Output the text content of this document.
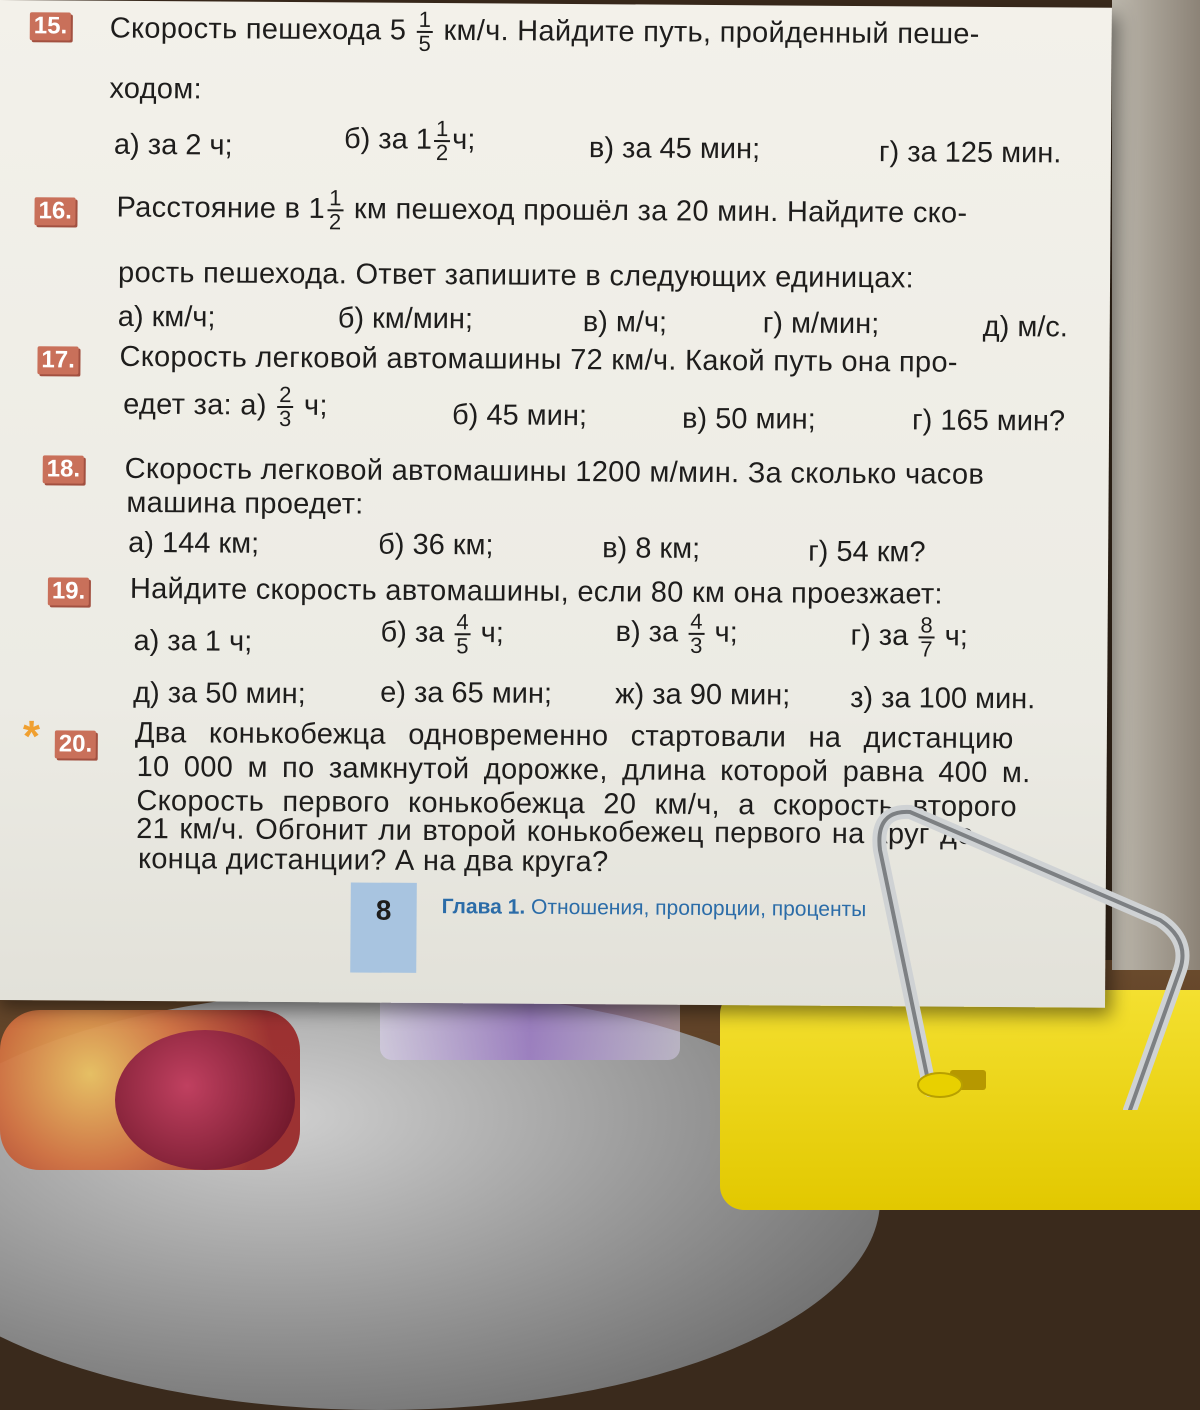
15. Скорость пешехода $5 \frac{1}{5} км/ч$. Найдите путь, пройденный пеше-
ходом:
а) за 2 ч;	б) за $1 \frac{1}{2} ч$;	в) за 45 мин;	г) за 125 мин.
16. Расстояние в $1 \frac{1}{2}$ км пешеход прошёл за 20 мин. Найдите ско-
рость пешехода. Ответ запишите в следующих единицах:
а) км/ч;	б) км/мин;	в) м/ч;	г) м/мин;	д) м/с.
17. Скорость легковой автомашины 72 км/ч. Какой путь она про-
едет за: $а) \frac{2}{3} ч$;	б) 45 мин;	в) 50 мин;	г) 165 мин?
18. Скорость легковой автомашины 1200 м/мин. За сколько часов
машина проедет:
а) 144 км;	б) 36 км;	в) 8 км;	г) 54 км?
19. Найдите скорость автомашины, если 80 км она проезжает:
а) за 1 ч;	б) за $\frac{4}{5} ч$;	в) за $\frac{4}{3} ч$;	г) за $\frac{8}{7} ч$;
д) за 50 мин;	е) за 65 мин; ж) за 90 мин; з) за 100 мин.
* 20. Два конькобежца одновременно стартовали на дистанцию
10 000 м по замкнутой дорожке, длина которой равна 400 м.
Скорость первого конькобежца 20 км/ч, а скорость второго
21 км/ч. Обгонит ли второй конькобежец первого на круг до
конца дистанции? А на два круга?
8	Глава 1. Отношения, пропорции, проценты
